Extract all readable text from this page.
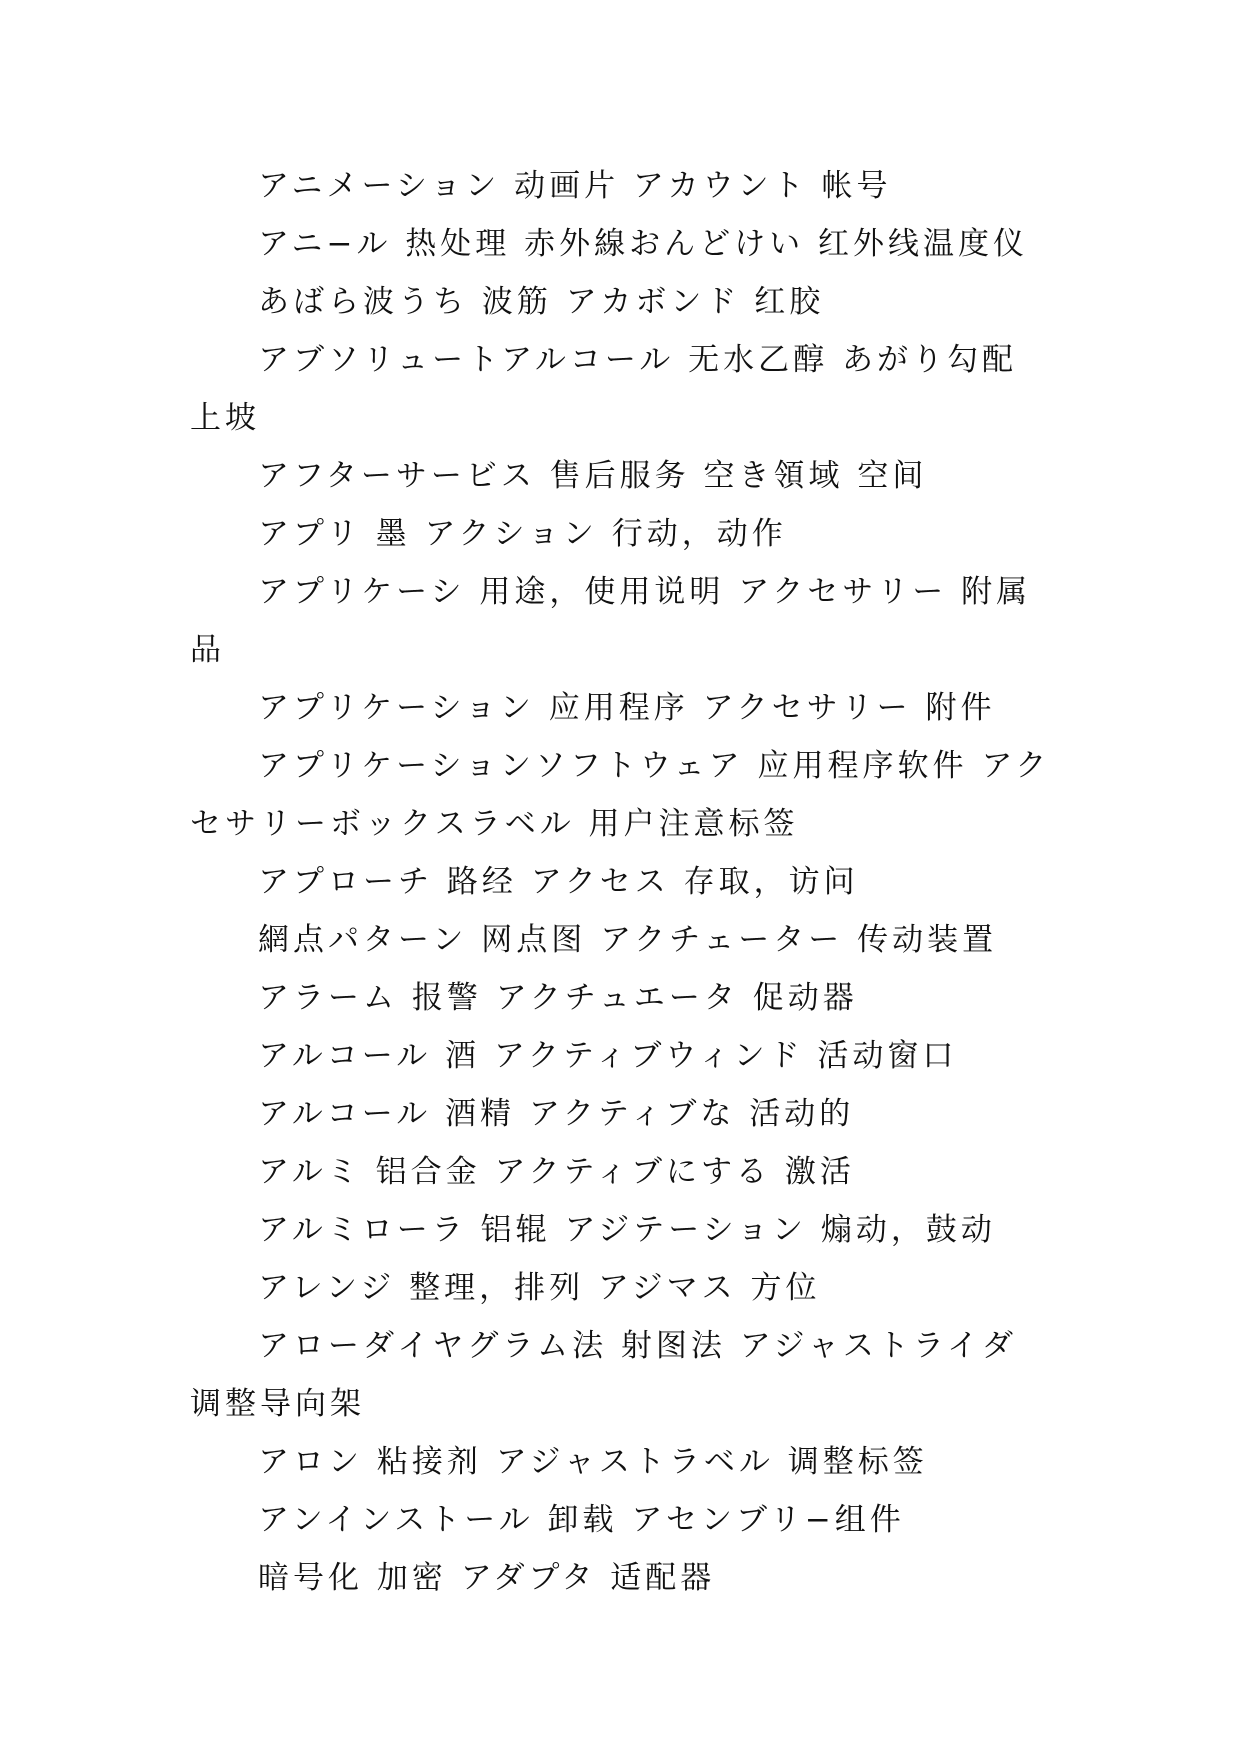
アニメーション 动画片 アカウント 帐号

アニ−ル 热处理 赤外線おんどけい 红外线温度仪

あばら波うち 波筋 アカボンド 红胶

アブソリュートアルコール 无水乙醇 あがり勾配 上坡

アフターサービス 售后服务 空き領域 空间

アプリ 墨 アクション 行动，动作

アプリケーシ 用途，使用说明 アクセサリー 附属品

アプリケーション 应用程序 アクセサリー 附件

アプリケーションソフトウェア 应用程序软件 アクセサリーボックスラベル 用户注意标签

アプローチ 路经 アクセス 存取，访问

網点パターン 网点图 アクチェーター 传动装置

アラーム 报警 アクチュエータ 促动器

アルコール 酒 アクティブウィンド 活动窗口

アルコール 酒精 アクティブな 活动的

アルミ 铝合金 アクティブにする 激活

アルミローラ 铝辊 アジテーション 煽动，鼓动

アレンジ 整理，排列 アジマス 方位

アローダイヤグラム法 射图法 アジャストライダ 调整导向架

アロン 粘接剂 アジャストラベル 调整标签

アンインストール 卸载 アセンブリ−组件

暗号化 加密 アダプタ 适配器
